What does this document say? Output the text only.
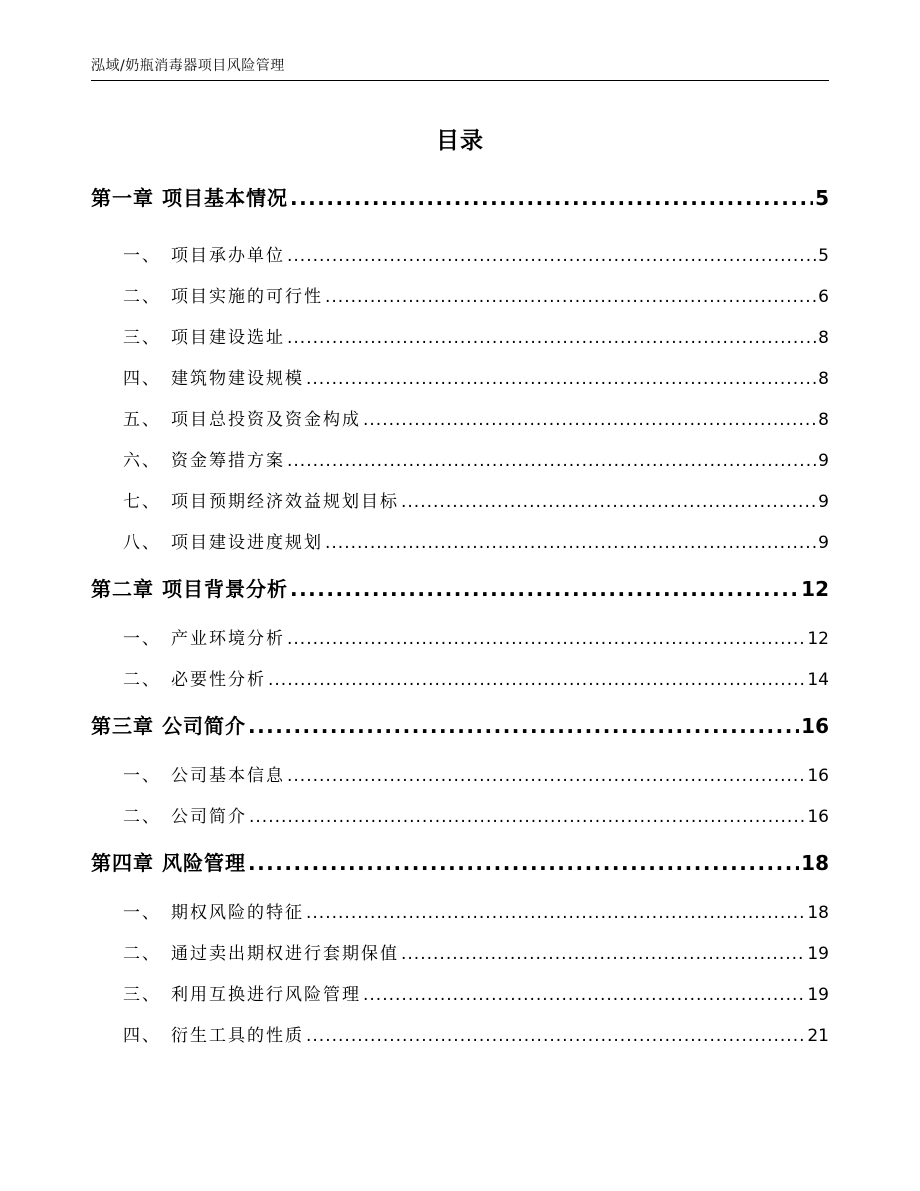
泓域/奶瓶消毒器项目风险管理
目录
第一章 项目基本情况 .....	5
一、 项目承办单位 .....	5
二、 项目实施的可行性 .....	6
三、 项目建设选址 .....	8
四、 建筑物建设规模 .....	8
五、 项目总投资及资金构成 .....	8
六、 资金筹措方案 .....	9
七、 项目预期经济效益规划目标 .....	9
八、 项目建设进度规划 .....	9
第二章 项目背景分析 .....	12
一、 产业环境分析 .....	12
二、 必要性分析 .....	14
第三章 公司简介 .....	16
一、 公司基本信息 .....	16
二、 公司简介 .....	16
第四章 风险管理 .....	18
一、 期权风险的特征 .....	18
二、 通过卖出期权进行套期保值 .....	19
三、 利用互换进行风险管理 .....	19
四、 衍生工具的性质 .....	21
